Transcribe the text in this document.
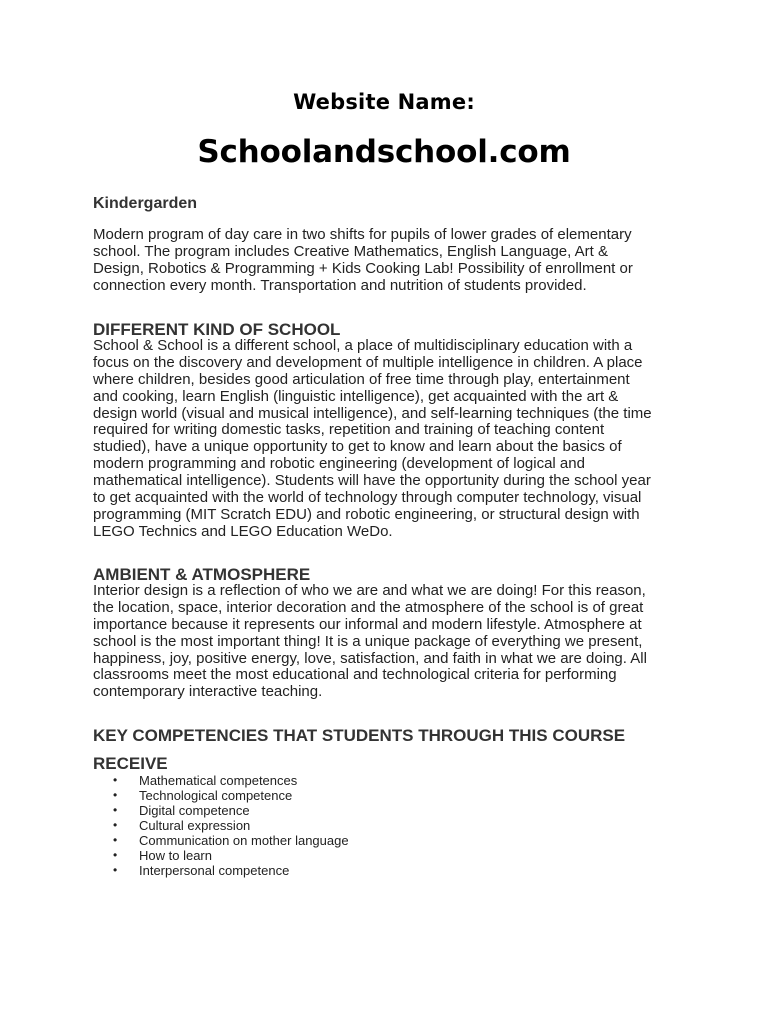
Website Name:
Schoolandschool.com
Kindergarden
Modern program of day care in two shifts for pupils of lower grades of elementary
school. The program includes Creative Mathematics, English Language, Art &
Design, Robotics & Programming + Kids Cooking Lab! Possibility of enrollment or
connection every month. Transportation and nutrition of students provided.
DIFFERENT KIND OF SCHOOL
School & School is a different school, a place of multidisciplinary education with a
focus on the discovery and development of multiple intelligence in children. A place
where children, besides good articulation of free time through play, entertainment
and cooking, learn English (linguistic intelligence), get acquainted with the art &
design world (visual and musical intelligence), and self-learning techniques (the time
required for writing domestic tasks, repetition and training of teaching content
studied), have a unique opportunity to get to know and learn about the basics of
modern programming and robotic engineering (development of logical and
mathematical intelligence). Students will have the opportunity during the school year
to get acquainted with the world of technology through computer technology, visual
programming (MIT Scratch EDU) and robotic engineering, or structural design with
LEGO Technics and LEGO Education WeDo.
AMBIENT & ATMOSPHERE
Interior design is a reflection of who we are and what we are doing! For this reason,
the location, space, interior decoration and the atmosphere of the school is of great
importance because it represents our informal and modern lifestyle. Atmosphere at
school is the most important thing! It is a unique package of everything we present,
happiness, joy, positive energy, love, satisfaction, and faith in what we are doing. All
classrooms meet the most educational and technological criteria for performing
contemporary interactive teaching.
KEY COMPETENCIES THAT STUDENTS THROUGH THIS COURSE
RECEIVE
• Mathematical competences
• Technological competence
• Digital competence
• Cultural expression
• Communication on mother language
• How to learn
• Interpersonal competence
